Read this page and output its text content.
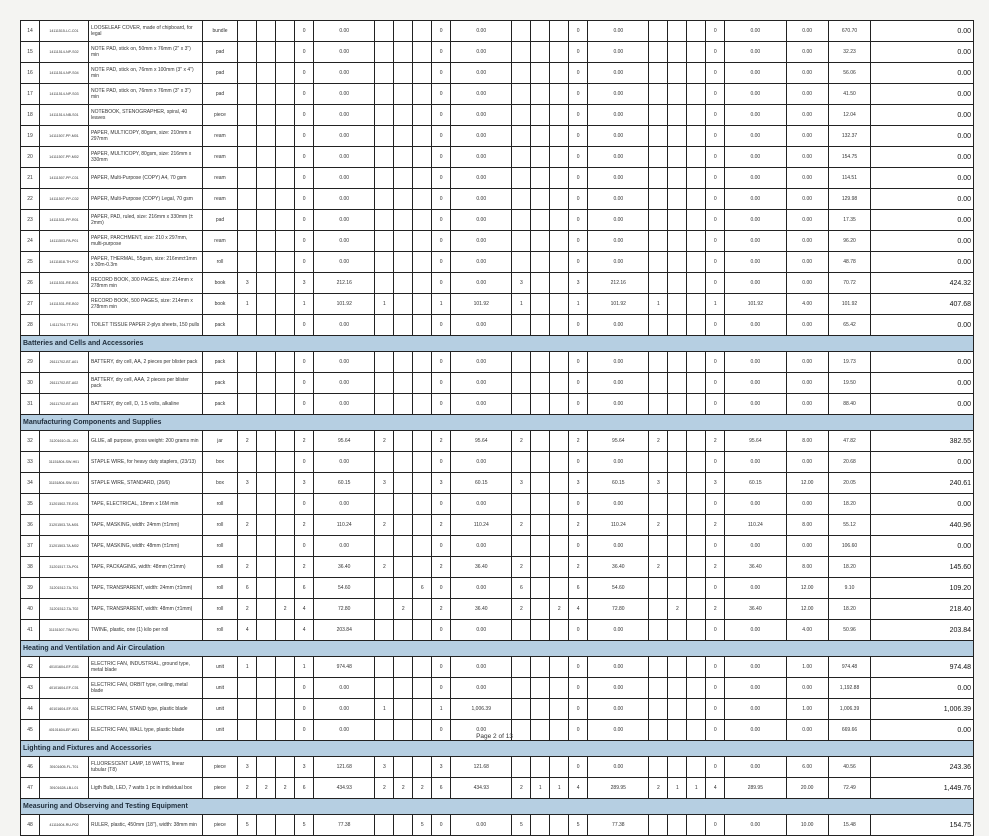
14	14111515-LC-C01	LOOSELEAF COVER, made of chipboard, for legal	bundle				0	0.00				0	0.00				0	0.00				0	0.00	0.00	670.70	0.00
15	14111514-NP-S02	NOTE PAD, stick on, 50mm x 76mm (2" x 3") min	pad				0	0.00				0	0.00				0	0.00				0	0.00	0.00	32.23	0.00
16	14111514-NP-S04	NOTE PAD, stick on, 76mm x 100mm (3" x 4") min	pad				0	0.00				0	0.00				0	0.00				0	0.00	0.00	56.06	0.00
17	14111514-NP-S03	NOTE PAD, stick on, 76mm x 76mm (3" x 3") min	pad				0	0.00				0	0.00				0	0.00				0	0.00	0.00	41.50	0.00
18	14111514-NB-S01	NOTEBOOK, STENOGRAPHER, spiral, 40 leaves	piece				0	0.00				0	0.00				0	0.00				0	0.00	0.00	12.04	0.00
19	14111507-PP-M01	PAPER, MULTICOPY, 80gsm, size: 210mm x 297mm	ream				0	0.00				0	0.00				0	0.00				0	0.00	0.00	132.37	0.00
20	14111507-PP-M02	PAPER, MULTICOPY, 80gsm, size: 216mm x 330mm	ream				0	0.00				0	0.00				0	0.00				0	0.00	0.00	154.75	0.00
21	14111507-PP-C01	PAPER, Multi-Purpose (COPY) A4, 70 gsm	ream				0	0.00				0	0.00				0	0.00				0	0.00	0.00	114.51	0.00
22	14111507-PP-C02	PAPER, Multi-Purpose (COPY) Legal, 70 gsm	ream				0	0.00				0	0.00				0	0.00				0	0.00	0.00	129.98	0.00
23	14111531-PP-R01	PAPER, PAD, ruled, size: 216mm x 330mm (± 2mm)	pad				0	0.00				0	0.00				0	0.00				0	0.00	0.00	17.35	0.00
24	14111503-PA-P01	PAPER, PARCHMENT, size: 210 x 297mm, multi-purpose	ream				0	0.00				0	0.00				0	0.00				0	0.00	0.00	96.20	0.00
25	14111818-TH-P02	PAPER, THERMAL, 55gsm, size: 216mm±1mm x 30m-0.3m	roll				0	0.00				0	0.00				0	0.00				0	0.00	0.00	48.78	0.00
26	14111531-RE-B01	RECORD BOOK, 300 PAGES, size: 214mm x 278mm min	book	3			3	212.16				0	0.00	3			3	212.16				0	0.00	0.00	70.72	424.32
27	14111531-RE-B02	RECORD BOOK, 500 PAGES, size: 214mm x 278mm min	book	1			1	101.92	1			1	101.92	1			1	101.92	1			1	101.92	4.00	101.92	407.68
28	14111704-TT-P01	TOILET TISSUE PAPER 2-plys sheets, 150 pulls	pack				0	0.00				0	0.00				0	0.00				0	0.00	0.00	65.42	0.00
Batteries and Cells and Accessories																										
29	26111702-BT-A01	BATTERY, dry cell, AA, 2 pieces per blister pack	pack				0	0.00				0	0.00				0	0.00				0	0.00	0.00	19.73	0.00
30	26111702-BT-A02	BATTERY, dry cell, AAA, 2 pieces per blister pack	pack				0	0.00				0	0.00				0	0.00				0	0.00	0.00	19.50	0.00
31	26111702-BT-A03	BATTERY, dry cell, D, 1.5 volts, alkaline	pack				0	0.00				0	0.00				0	0.00				0	0.00	0.00	88.40	0.00
Manufacturing Components and Supplies																										
32	31201610-GL-J01	GLUE, all purpose, gross weight: 200 grams min	jar	2			2	95.64	2			2	95.64	2			2	95.64	2			2	95.64	8.00	47.82	382.55
33	31151804-SW-H01	STAPLE WIRE, for heavy duty staplers, (23/13)	box				0	0.00				0	0.00				0	0.00				0	0.00	0.00	20.68	0.00
34	31151804-SW-S01	STAPLE WIRE, STANDARD, (26/6)	box	3			3	60.15	3			3	60.15	3			3	60.15	3			3	60.15	12.00	20.05	240.61
35	31201502-TE-E01	TAPE, ELECTRICAL, 18mm x 16M min	roll				0	0.00				0	0.00				0	0.00				0	0.00	0.00	18.20	0.00
36	31201503-TA-M01	TAPE, MASKING, width: 24mm (±1mm)	roll	2			2	110.24	2			2	110.24	2			2	110.24	2			2	110.24	8.00	55.12	440.96
37	31201503-TA-M02	TAPE, MASKING, width: 48mm (±1mm)	roll				0	0.00				0	0.00				0	0.00				0	0.00	0.00	106.60	0.00
38	31201517-TA-P01	TAPE, PACKAGING, width: 48mm (±1mm)	roll	2			2	36.40	2			2	36.40	2			2	36.40	2			2	36.40	8.00	18.20	145.60
39	31201512-TA-T01	TAPE, TRANSPARENT, width: 24mm (±1mm)	roll	6			6	54.60			6	0	0.00	6			6	54.60				0	0.00	12.00	9.10	109.20
40	31201512-TA-T02	TAPE, TRANSPARENT, width: 48mm (±1mm)	roll	2		2	4	72.80		2		2	36.40	2		2	4	72.80		2		2	36.40	12.00	18.20	218.40
41	31151507-TW-P01	TWINE, plastic, one (1) kilo per roll	roll	4			4	203.84				0	0.00				0	0.00				0	0.00	4.00	50.96	203.84
Heating and Ventilation and Air Circulation																										
42	40101604-EF-G01	ELECTRIC FAN, INDUSTRIAL, ground type, metal blade	unit	1			1	974.48				0	0.00				0	0.00				0	0.00	1.00	974.48	974.48
43	40101604-EF-C01	ELECTRIC FAN, ORBIT type, ceiling, metal blade	unit				0	0.00				0	0.00				0	0.00				0	0.00	0.00	1,192.88	0.00
44	40101604-EF-S01	ELECTRIC FAN, STAND type, plastic blade	unit				0	0.00	1			1	1,006.39				0	0.00				0	0.00	1.00	1,006.39	1,006.39
45	40101604-EF-W01	ELECTRIC FAN, WALL type, plastic blade	unit				0	0.00				0	0.00				0	0.00				0	0.00	0.00	669.66	0.00
Lighting and Fixtures and Accessories																										
46	39101605-FL-T01	FLUORESCENT LAMP, 18 WATTS, linear tubular (T8)	piece	3			3	121.68	3			3	121.68				0	0.00				0	0.00	6.00	40.56	243.36
47	39101628-LB-L01	Ligth Bulb, LED, 7 watts 1 pc in individual box	piece	2	2	2	6	434.93	2	2	2	6	434.93	2	1	1	4	289.95	2	1	1	4	289.95	20.00	72.49	1,449.76
Measuring and Observing and Testing Equipment																										
48	41111604-RU-P02	RULER, plastic, 450mm (18"), width: 38mm min	piece	5			5	77.38			5	0	0.00	5			5	77.38				0	0.00	10.00	15.48	154.75
Page 2 of 13
